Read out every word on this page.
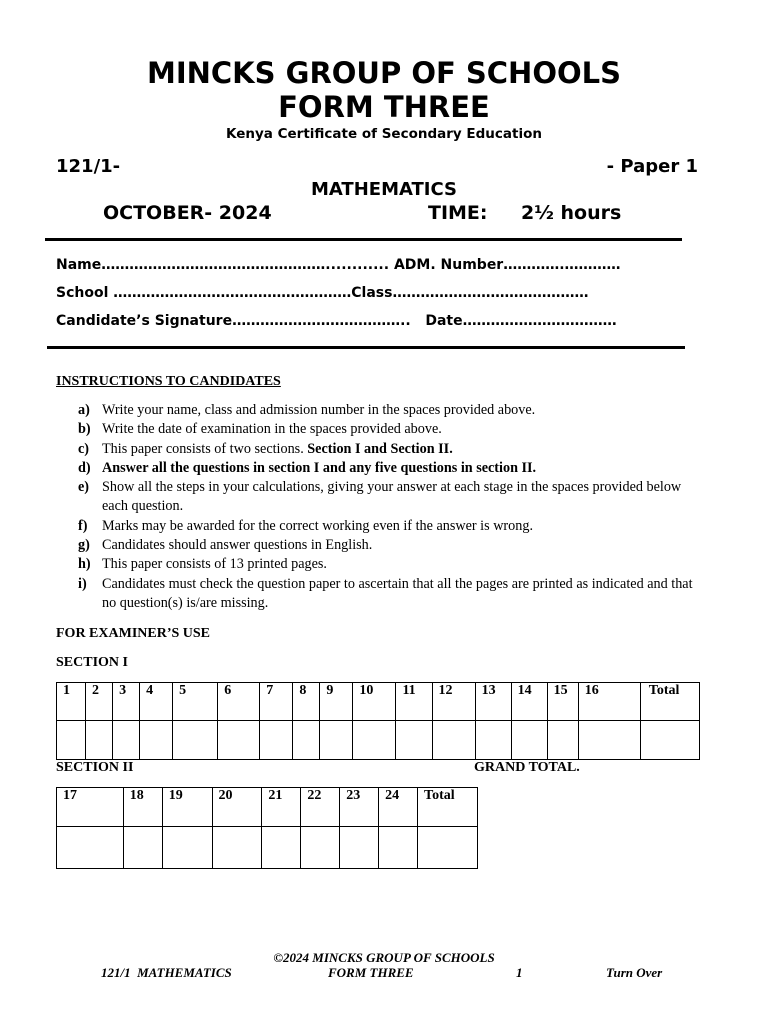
MINCKS GROUP OF SCHOOLS
FORM THREE
Kenya Certificate of Secondary Education
121/1-	- Paper 1
MATHEMATICS
OCTOBER- 2024	TIME: 2½ hours
Name…………………………………………............ ADM. Number………….…………
School ……………………………………………Class……………………………………
Candidate’s Signature………………………………..   Date……………………………
INSTRUCTIONS TO CANDIDATES
a) Write your name, class and admission number in the spaces provided above.
b) Write the date of examination in the spaces provided above.
c) This paper consists of two sections. Section I and Section II.
d) Answer all the questions in section I and any five questions in section II.
e) Show all the steps in your calculations, giving your answer at each stage in the spaces provided below each question.
f) Marks may be awarded for the correct working even if the answer is wrong.
g) Candidates should answer questions in English.
h) This paper consists of 13 printed pages.
i) Candidates must check the question paper to ascertain that all the pages are printed as indicated and that no question(s) is/are missing.
FOR EXAMINER’S USE
SECTION I
1	2	3	4	5	6	7	8	9	10	11	12	13	14	15	16	Total

SECTION II	GRAND TOTAL.
17	18	19	20	21	22	23	24	Total

©2024 MINCKS GROUP OF SCHOOLS
121/1  MATHEMATICS	FORM THREE	1	Turn Over
